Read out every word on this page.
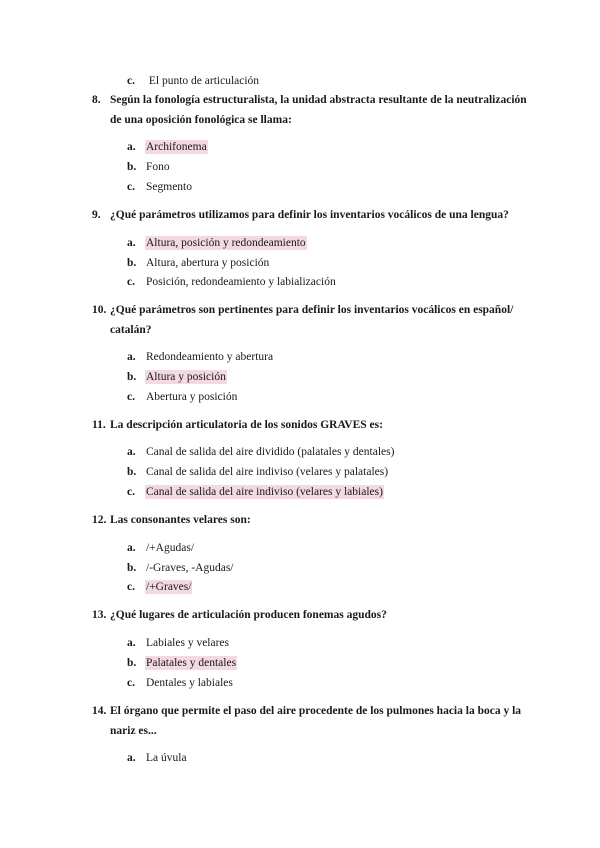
c. El punto de articulación
8. Según la fonología estructuralista, la unidad abstracta resultante de la neutralización de una oposición fonológica se llama:
a. Archifonema
b. Fono
c. Segmento
9. ¿Qué parámetros utilizamos para definir los inventarios vocálicos de una lengua?
a. Altura, posición y redondeamiento
b. Altura, abertura y posición
c. Posición, redondeamiento y labialización
10. ¿Qué parámetros son pertinentes para definir los inventarios vocálicos en español/ catalán?
a. Redondeamiento y abertura
b. Altura y posición
c. Abertura y posición
11. La descripción articulatoria de los sonidos GRAVES es:
a. Canal de salida del aire dividido (palatales y dentales)
b. Canal de salida del aire indiviso (velares y palatales)
c. Canal de salida del aire indiviso (velares y labiales)
12. Las consonantes velares son:
a. /+Agudas/
b. /-Graves, -Agudas/
c. /+Graves/
13. ¿Qué lugares de articulación producen fonemas agudos?
a. Labiales y velares
b. Palatales y dentales
c. Dentales y labiales
14. El órgano que permite el paso del aire procedente de los pulmones hacia la boca y la nariz es...
a. La úvula
